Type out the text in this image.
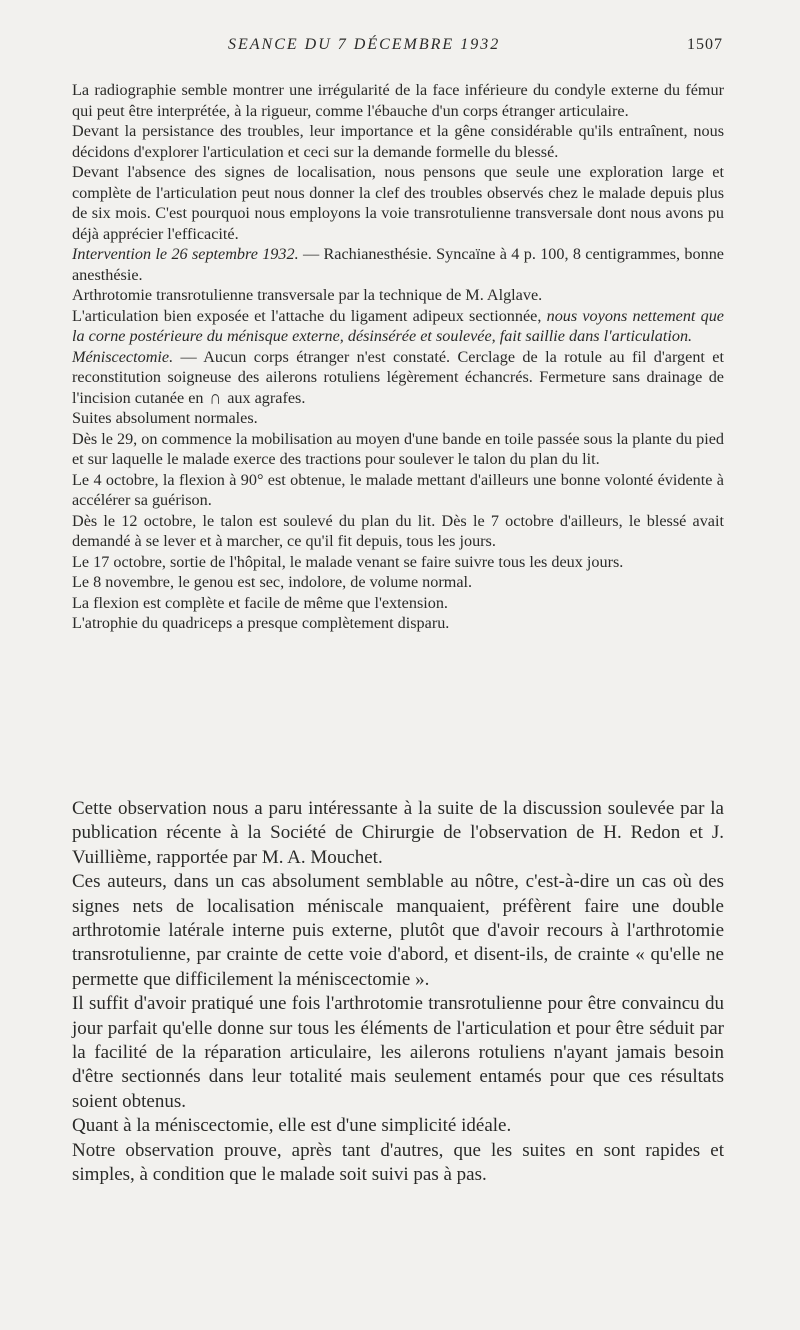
SEANCE DU 7 DÉCEMBRE 1932	1507

La radiographie semble montrer une irrégularité de la face inférieure du condyle externe du fémur qui peut être interprétée, à la rigueur, comme l'ébauche d'un corps étranger articulaire.

Devant la persistance des troubles, leur importance et la gêne considérable qu'ils entraînent, nous décidons d'explorer l'articulation et ceci sur la demande formelle du blessé.

Devant l'absence des signes de localisation, nous pensons que seule une exploration large et complète de l'articulation peut nous donner la clef des troubles observés chez le malade depuis plus de six mois. C'est pourquoi nous employons la voie transrotulienne transversale dont nous avons pu déjà apprécier l'efficacité.

Intervention le 26 septembre 1932. — Rachianesthésie. Syncaïne à 4 p. 100, 8 centigrammes, bonne anesthésie.

Arthrotomie transrotulienne transversale par la technique de M. Alglave.

L'articulation bien exposée et l'attache du ligament adipeux sectionnée, nous voyons nettement que la corne postérieure du ménisque externe, désinsérée et soulevée, fait saillie dans l'articulation.

Méniscectomie. — Aucun corps étranger n'est constaté. Cerclage de la rotule au fil d'argent et reconstitution soigneuse des ailerons rotuliens légèrement échancrés. Fermeture sans drainage de l'incision cutanée en ∩ aux agrafes.

Suites absolument normales.

Dès le 29, on commence la mobilisation au moyen d'une bande en toile passée sous la plante du pied et sur laquelle le malade exerce des tractions pour soulever le talon du plan du lit.

Le 4 octobre, la flexion à 90° est obtenue, le malade mettant d'ailleurs une bonne volonté évidente à accélérer sa guérison.

Dès le 12 octobre, le talon est soulevé du plan du lit. Dès le 7 octobre d'ailleurs, le blessé avait demandé à se lever et à marcher, ce qu'il fit depuis, tous les jours.

Le 17 octobre, sortie de l'hôpital, le malade venant se faire suivre tous les deux jours.

Le 8 novembre, le genou est sec, indolore, de volume normal.

La flexion est complète et facile de même que l'extension.

L'atrophie du quadriceps a presque complètement disparu.

Cette observation nous a paru intéressante à la suite de la discussion soulevée par la publication récente à la Société de Chirurgie de l'observation de H. Redon et J. Vuillième, rapportée par M. A. Mouchet.

Ces auteurs, dans un cas absolument semblable au nôtre, c'est-à-dire un cas où des signes nets de localisation méniscale manquaient, préfèrent faire une double arthrotomie latérale interne puis externe, plutôt que d'avoir recours à l'arthrotomie transrotulienne, par crainte de cette voie d'abord, et disent-ils, de crainte « qu'elle ne permette que difficilement la méniscectomie ».

Il suffit d'avoir pratiqué une fois l'arthrotomie transrotulienne pour être convaincu du jour parfait qu'elle donne sur tous les éléments de l'articulation et pour être séduit par la facilité de la réparation articulaire, les ailerons rotuliens n'ayant jamais besoin d'être sectionnés dans leur totalité mais seulement entamés pour que ces résultats soient obtenus.

Quant à la méniscectomie, elle est d'une simplicité idéale.

Notre observation prouve, après tant d'autres, que les suites en sont rapides et simples, à condition que le malade soit suivi pas à pas.
